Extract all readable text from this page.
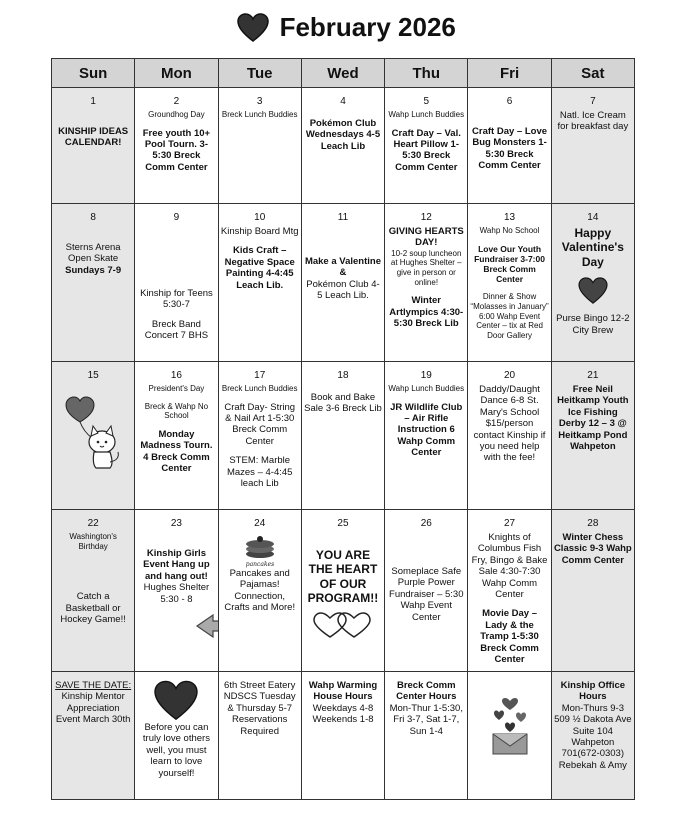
February 2026
Sun	Mon	Tue	Wed	Thu	Fri	Sat

1
KINSHIP IDEAS CALENDAR!	2
Groundhog Day
Free youth 10+ Pool Tourn. 3-5:30 Breck Comm Center	3
Breck Lunch Buddies	4
Pokémon Club Wednesdays 4-5 Leach Lib	5
Wahp Lunch Buddies
Craft Day – Val. Heart Pillow 1-5:30 Breck Comm Center	6
Craft Day – Love Bug Monsters 1-5:30 Breck Comm Center	7
Natl. Ice Cream for breakfast day

8
Sterns Arena Open Skate
Sundays 7-9	9
Kinship for Teens 5:30-7
Breck Band Concert 7 BHS	10
Kinship Board Mtg
Kids Craft – Negative Space Painting 4-4:45 Leach Lib.	11
Make a Valentine &
Pokémon Club 4-5 Leach Lib.	12
GIVING HEARTS DAY!
10-2 soup luncheon at Hughes Shelter – give in person or online!
Winter Artlympics 4:30-5:30 Breck Lib	13
Wahp No School
Love Our Youth Fundraiser 3-7:00 Breck Comm Center
Dinner & Show “Molasses in January” 6:00 Wahp Event Center – tix at Red Door Gallery	14
Happy Valentine's Day
Purse Bingo 12-2 City Brew

15	16
President's Day
Breck & Wahp No School
Monday Madness Tourn. 4 Breck Comm Center	17
Breck Lunch Buddies
Craft Day- String & Nail Art 1-5:30 Breck Comm Center
STEM: Marble Mazes – 4-4:45 leach Lib	18
Book and Bake Sale 3-6 Breck Lib	19
Wahp Lunch Buddies
JR Wildlife Club – Air Rifle Instruction 6 Wahp Comm Center	20
Daddy/Daught Dance 6-8 St. Mary's School $15/person contact Kinship if you need help with the fee!	21
Free Neil Heitkamp Youth Ice Fishing Derby 12 – 3 @ Heitkamp Pond Wahpeton

22
Washington's Birthday
Catch a Basketball or Hockey Game!!	23
Kinship Girls Event Hang up and hang out!
Hughes Shelter 5:30 - 8	24
pancakes
Pancakes and Pajamas! Connection, Crafts and More!	25
YOU ARE THE HEART OF OUR PROGRAM!!	26
Someplace Safe Purple Power Fundraiser – 5:30 Wahp Event Center	27
Knights of Columbus Fish Fry, Bingo & Bake Sale 4:30-7:30 Wahp Comm Center
Movie Day – Lady & the Tramp 1-5:30 Breck Comm Center	28
Winter Chess Classic 9-3 Wahp Comm Center

SAVE THE DATE:
Kinship Mentor Appreciation Event March 30th	Before you can truly love others well, you must learn to love yourself!	6th Street Eatery NDSCS Tuesday & Thursday 5-7 Reservations Required	Wahp Warming House Hours
Weekdays 4-8 Weekends 1-8	Breck Comm Center Hours
Mon-Thur 1-5:30, Fri 3-7, Sat 1-7, Sun 1-4		Kinship Office Hours
Mon-Thurs 9-3 509 ½ Dakota Ave Suite 104 Wahpeton 701(672-0303) Rebekah & Amy
